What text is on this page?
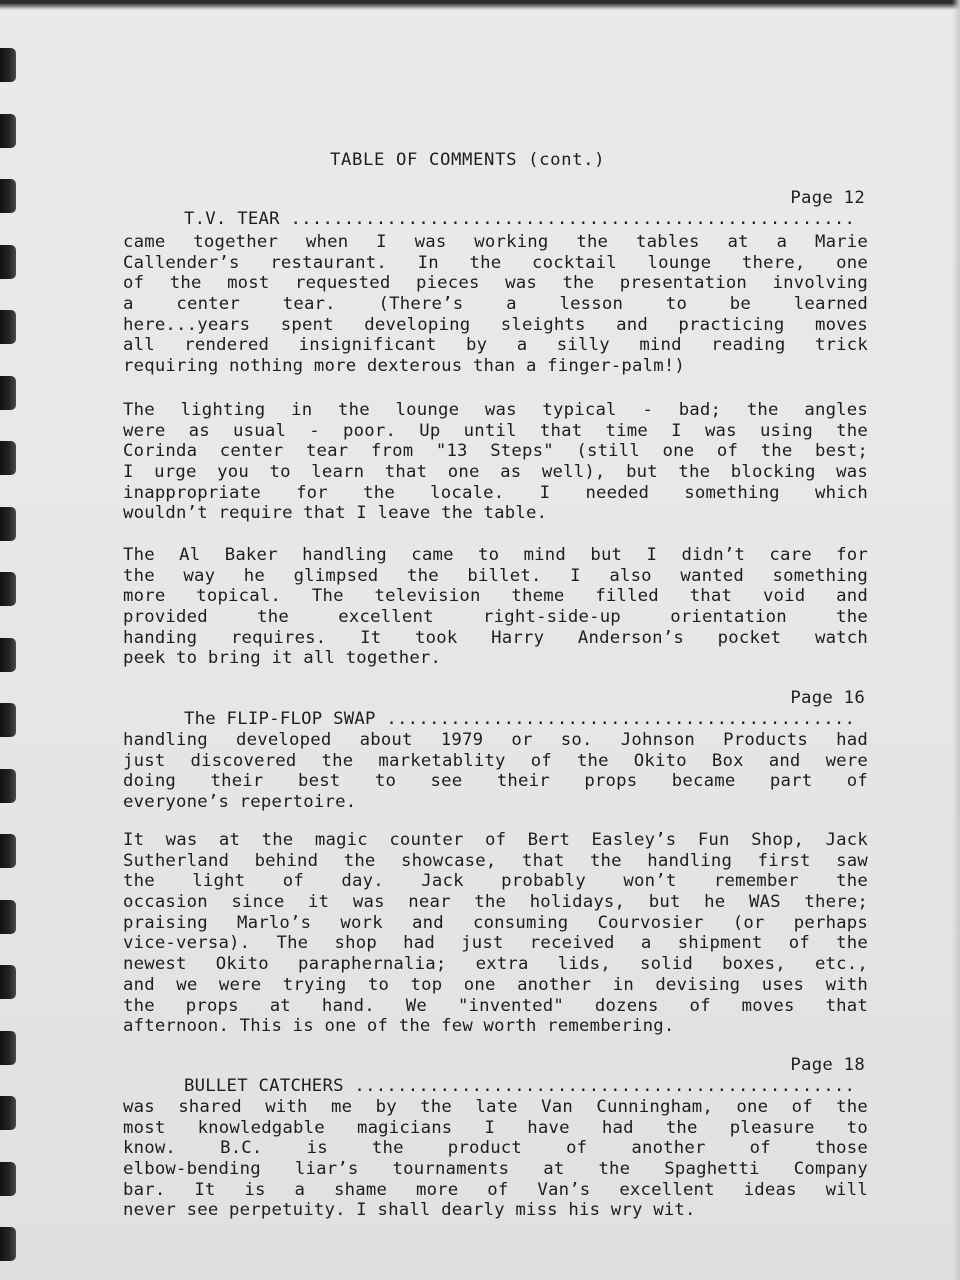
TABLE OF COMMENTS (cont.)

T.V. TEAR .....................................................

Page 12

came together when I was working the tables at a Marie
Callender’s restaurant. In the cocktail lounge there, one
of the most requested pieces was the presentation involving
a center tear. (There’s a lesson to be learned
here...years spent developing sleights and practicing moves
all rendered insignificant by a silly mind reading trick
requiring nothing more dexterous than a finger-palm!)
The lighting in the lounge was typical - bad; the angles
were as usual - poor. Up until that time I was using the
Corinda center tear from "13 Steps" (still one of the best;
I urge you to learn that one as well), but the blocking was
inappropriate for the locale. I needed something which
wouldn’t require that I leave the table.
The Al Baker handling came to mind but I didn’t care for
the way he glimpsed the billet. I also wanted something
more topical. The television theme filled that void and
provided the excellent right-side-up orientation the
handing requires. It took Harry Anderson’s pocket watch
peek to bring it all together.

The FLIP-FLOP SWAP ............................................

Page 16

handling developed about 1979 or so. Johnson Products had
just discovered the marketablity of the Okito Box and were
doing their best to see their props became part of
everyone’s repertoire.
It was at the magic counter of Bert Easley’s Fun Shop, Jack
Sutherland behind the showcase, that the handling first saw
the light of day. Jack probably won’t remember the
occasion since it was near the holidays, but he WAS there;
praising Marlo’s work and consuming Courvosier (or perhaps
vice-versa). The shop had just received a shipment of the
newest Okito paraphernalia; extra lids, solid boxes, etc.,
and we were trying to top one another in devising uses with
the props at hand. We "invented" dozens of moves that
afternoon. This is one of the few worth remembering.

BULLET CATCHERS ...............................................

Page 18

was shared with me by the late Van Cunningham, one of the
most knowledgable magicians I have had the pleasure to
know. B.C. is the product of another of those
elbow-bending liar’s tournaments at the Spaghetti Company
bar. It is a shame more of Van’s excellent ideas will
never see perpetuity. I shall dearly miss his wry wit.
